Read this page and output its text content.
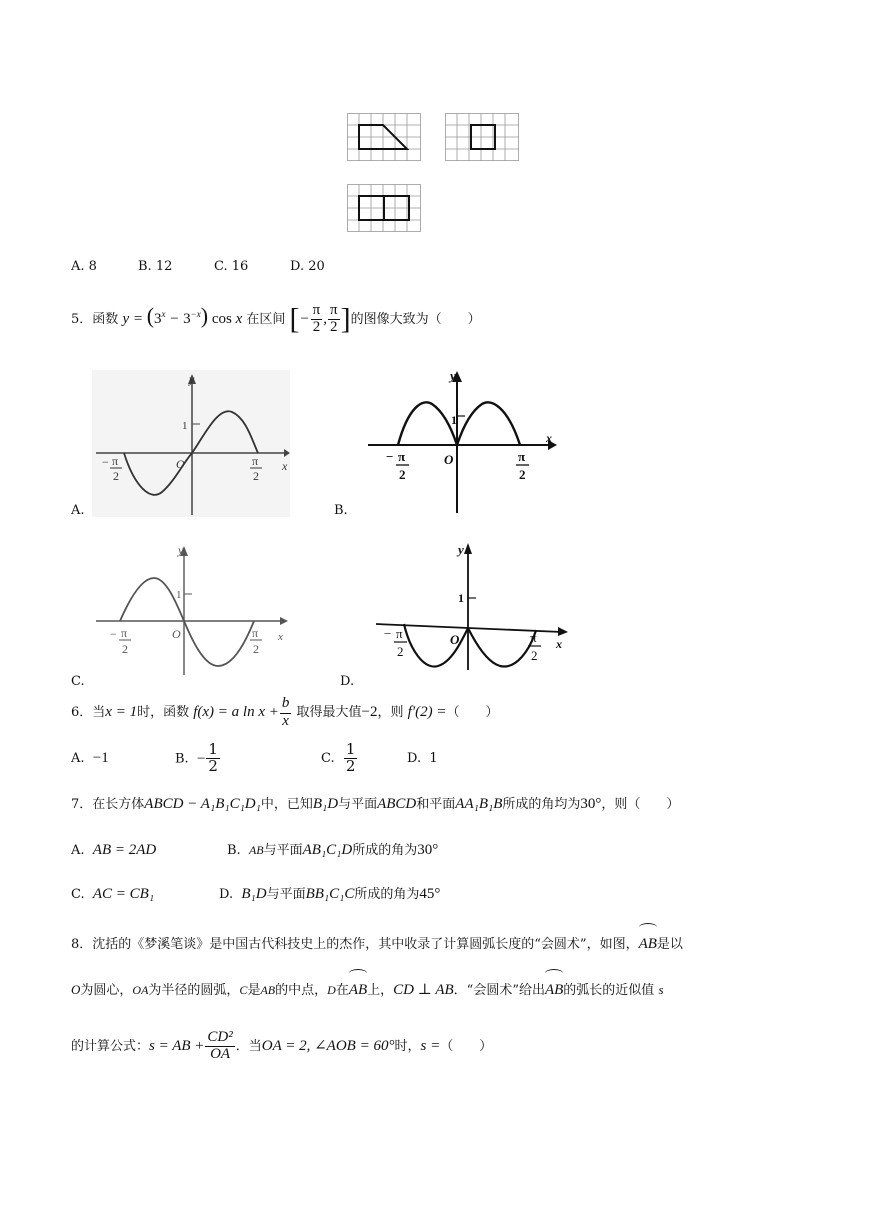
A. 8	B. 12	C. 16	D. 20
5．函数 $y = (3^x - 3^{-x})$ cos x 在区间 [− $\frac{\pi}{2}$ , $\frac{\pi}{2}$ ]的图像大致为（　　）
y
x
O
1
− π
2
π
2
A.
y
x
O
1
− π
2
π
2
B.
y
x
O
1
− π
2
π
2
C.
y
x
O
1
− π
2
π
2
D.
6．当x = 1时，函数 f(x) = a $\ln x + \frac{b}{x}$ 取得最大值−2，则 f′(2) =（　　）
A. −1	B. − $\frac{1}{2}$	C. $\frac{1}{2}$	D. 1
7．在长方体ABCD − A₁B₁C₁D₁中，已知B₁D与平面ABCD和平面AA₁B₁B所成的角均为30°，则（　　）
A. AB = 2AD	B. AB与平面AB₁C₁D所成的角为30°
C. AC = CB₁	D. B₁D与平面BB₁C₁C所成的角为45°
8．沈括的《梦溪笔谈》是中国古代科技史上的杰作，其中收录了计算圆弧长度的“会圆术”，如图，
AB是以
O为圆心，OA为半径的圆弧，C是AB的中点，D在
AB上，CD ⊥ AB．“会圆术”给出
AB的弧长的近似值 s
的计算公式：s = AB + $\frac{\text{CD²}}{OA}$ ．当OA = 2, ∠AOB = 60°时，s =（　　）
